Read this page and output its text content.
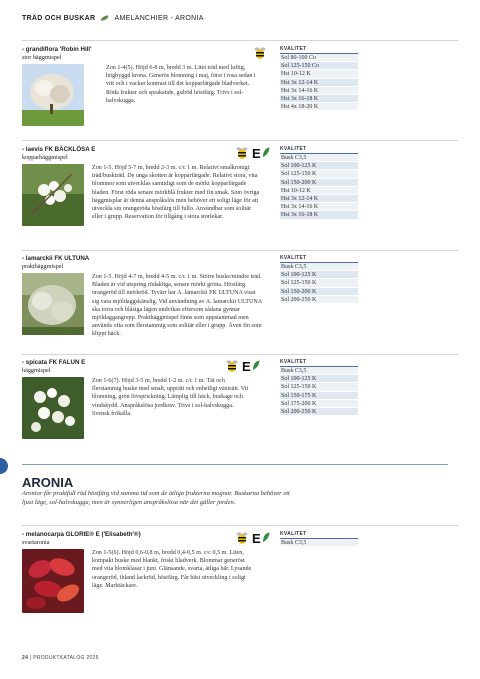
TRÄD OCH BUSKAR	AMELANCHIER - ARONIA
- grandiflora 'Robin Hill'
stor häggmispel
Zon 1-4(5). Höjd 6-8 m, bredd 3 m. Litet träd med luftig, högbyggd krona. Generös blomning i maj, först i rosa sedan i vitt och i vacker kontrast till det kopparfärgade bladverket. Röda frukter och sprakande, gulröd höstfärg. Trivs i sol-halvskugga.
KVALITET
Sol 80-100 Co
Sol 125-150 Co
Hst 10-12 K
Hst 3x 12-14 K
Hst 3x 14-16 K
Hst 3x 16-18 K
Hst 4x 18-20 K
- laevis FK BÄCKLÖSA E
kopparhäggmispel
Zon 1-5. Höjd 5-7 m, bredd 2-3 m. c/c 1 m. Relativt smalkronigt träd/buskträd. De unga skotten är kopparfärgade. Relativt stora, vita blommor som utvecklas samtidigt som de mörkt kopparfärgade bladen. Först röda senare mörkblå frukter med fin smak. Som övriga häggmisplar är denna anspråkslös men behöver ett soligt läge för att utveckla sin orangeröda höstfärg till fullo. Användbar som solitär eller i grupp. Reservation för tillgång i stora storlekar.
E	KVALITET
Busk C3,5
Sol 100-125 K
Sol 125-150 K
Sol 150-200 K
Hst 10-12 K
Hst 3x 12-14 K
Hst 3x 14-16 K
Hst 3x 16-18 K
- lamarckii FK ULTUNA
prakthäggmispel
Zon 1-5. Höjd 4-7 m, bredd 4-5 m. c/c 1 m. Större buske/mindre träd. Bladen är vid utspring rödaktiga, senare mörkt gröna. Höstfärg orangeröd till mörkröd. Tyvärr har A. lamarckii FK ULTUNA visat sig vara mjöldaggskänslig. Vid användning av A. lamarckii ULTUNA ska torra och blåsiga lägen undvikas eftersom sådana gynnar mjöldaggangrepp. Prakthäggmispel finns som uppstammad men används ofta som flerstammig som solitär eller i grupp. Även fin som klippt häck.
KVALITET
Busk C3,5
Sol 100-125 K
Sol 125-150 K
Sol 150-200 K
Sol 200-250 K
- spicata FK FALUN E
häggmispel
Zon 1-6(7). Höjd 3-5 m, bredd 1-2 m. c/c 1 m. Tät och flerstammig buske med smalt, upprätt och enhetligt växtsätt. Vit blomning, grön lövsprickning. Lämplig till häck, buskage och vindskydd. Anspråkslösa jordkrav. Trivs i sol-halvskugga. Svensk frökälla.
E	KVALITET
Busk C3,5
Sol 100-125 K
Sol 125-150 K
Sol 150-175 K
Sol 175-200 K
Sol 200-250 K
ARONIA
Aronior får praktfull röd höstfärg vid samma tid som de ätliga frukterna mognar. Buskarna behöver ett ljust läge, sol-halvskugga, men är synnerligen anspråkslösa när det gäller jorden.
- melanocarpa GLORIE® E ('Elisabeth'®)
svartaronia
Zon 1-5(6). Höjd 0,6-0,8 m, bredd 0,4-0,5 m. c/c 0,5 m. Liten, kompakt buske med blankt, friskt bladverk. Blommar generöst med vita blomklasar i juni. Glänsande, svarta, ätliga bär. Lysande orangeröd, ibland lackröd, höstfärg. Får bäst utveckling i soligt läge. Marktäckare.
E	KVALITET
Busk C3,5
24 | PRODUKTKATALOG 2026
